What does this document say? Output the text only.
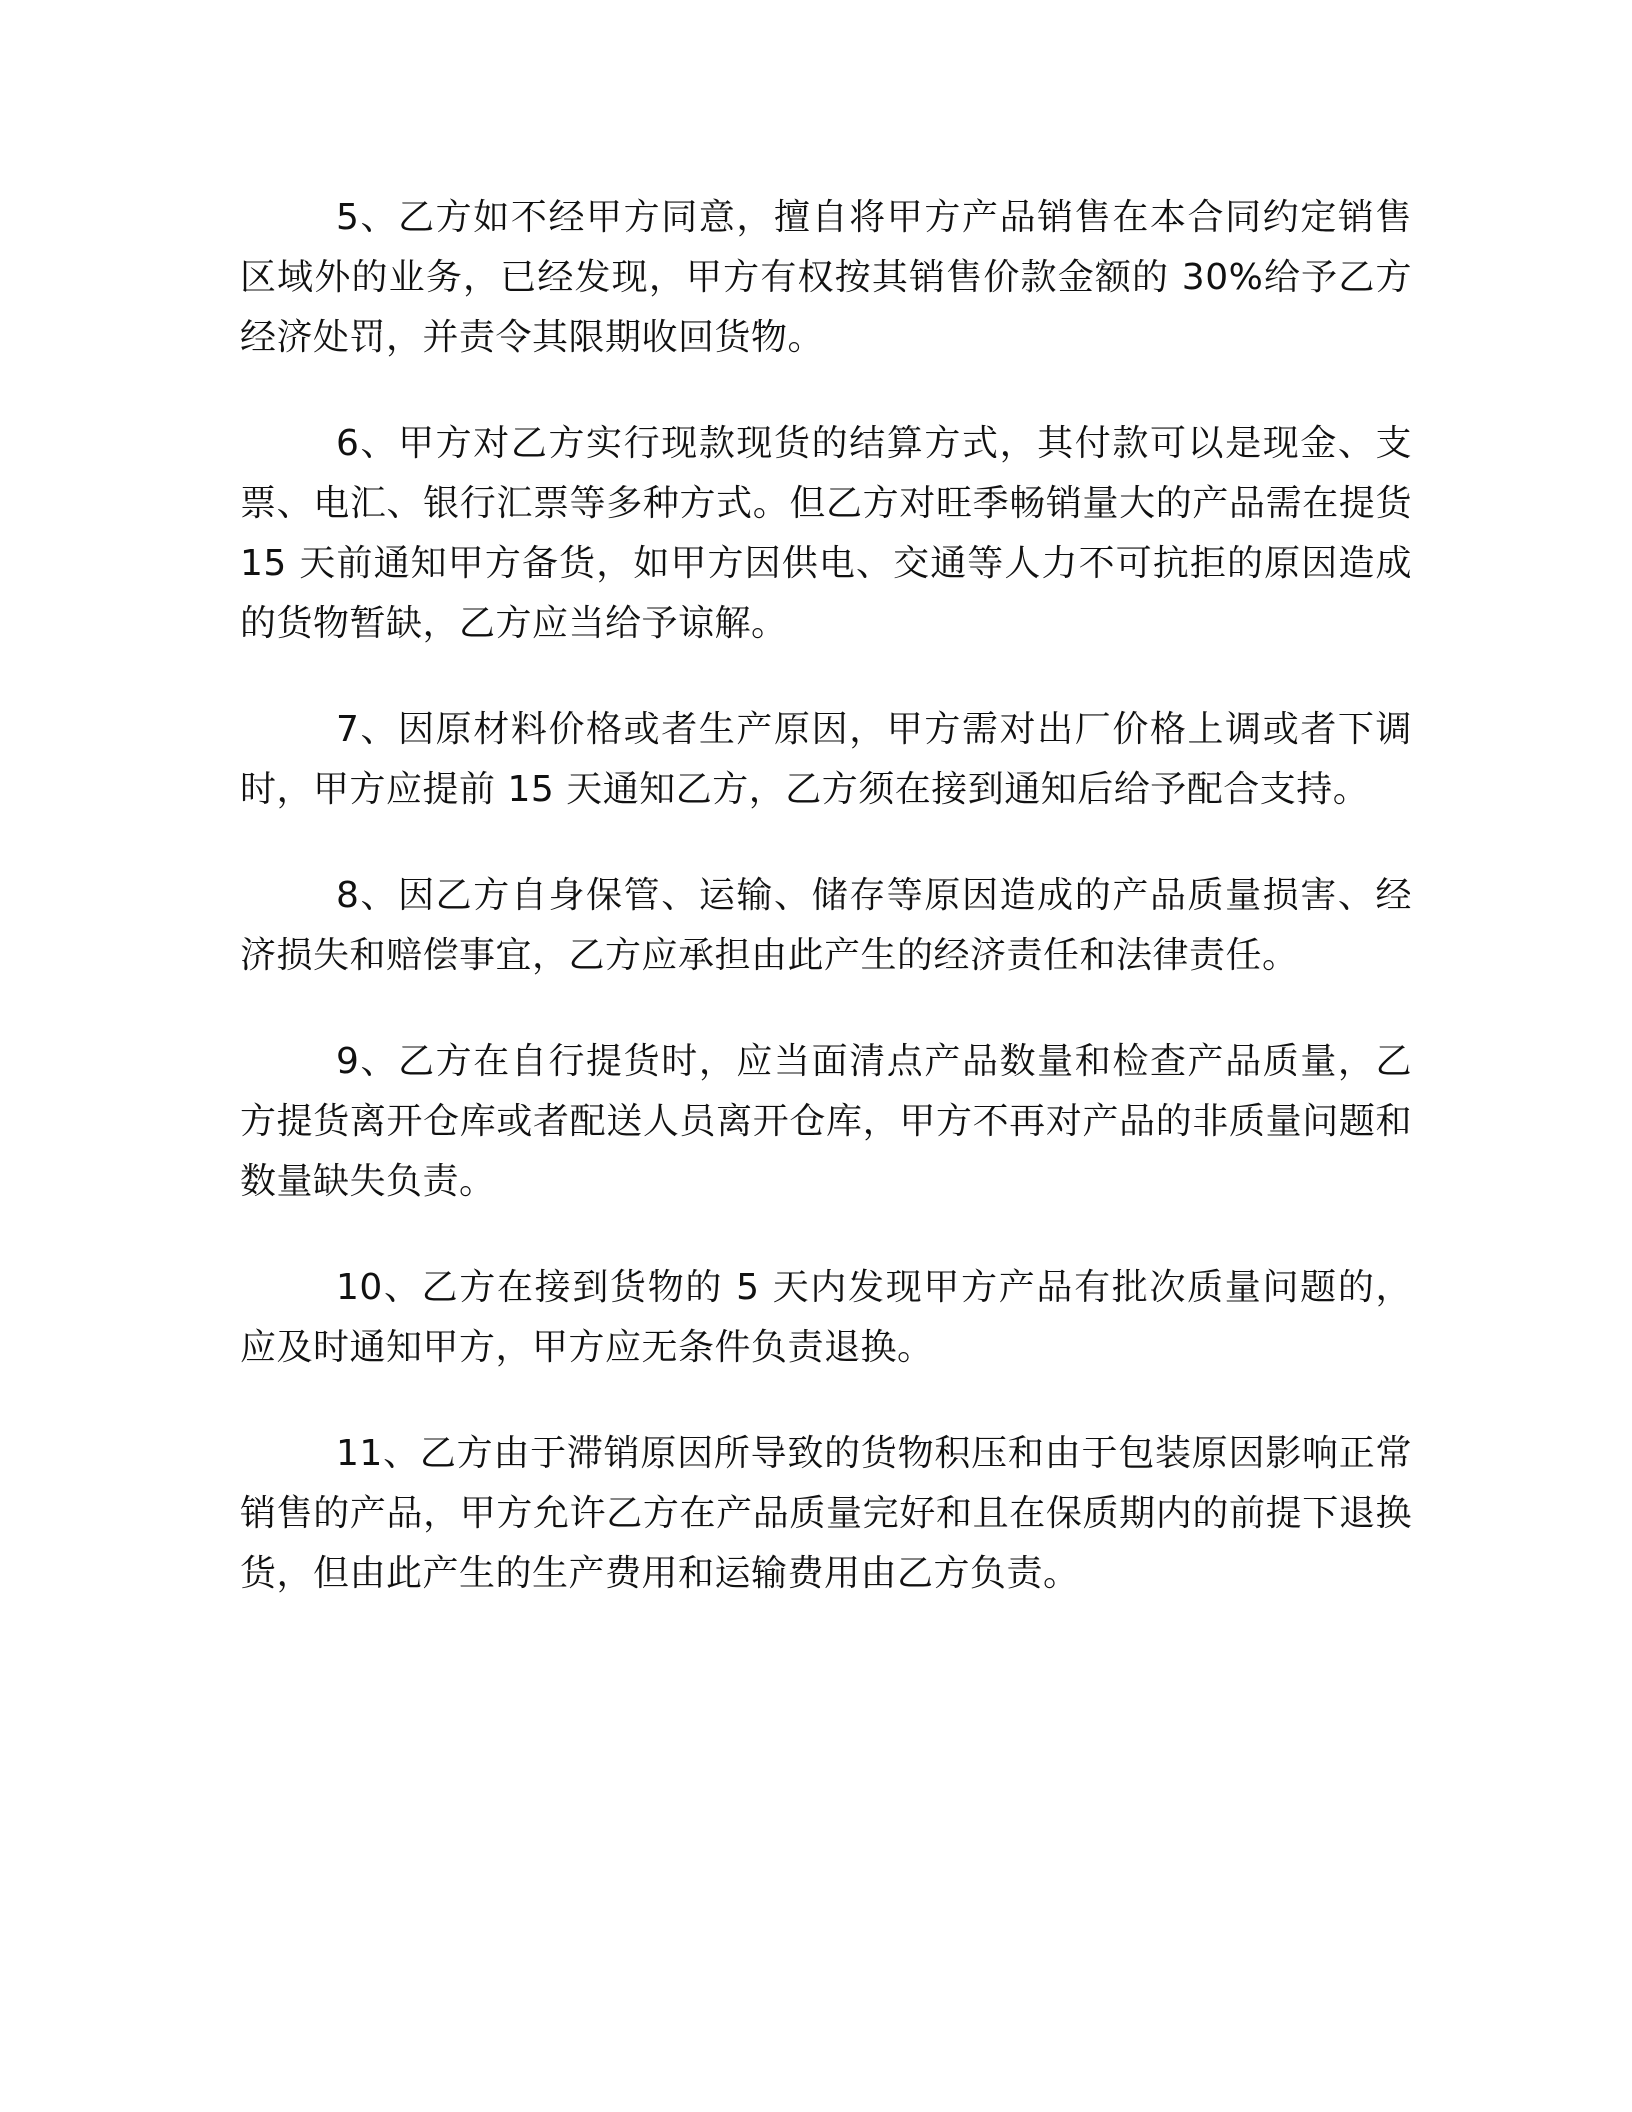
5、乙方如不经甲方同意，擅自将甲方产品销售在本合同约定销售区域外的业务，已经发现，甲方有权按其销售价款金额的 30%给予乙方经济处罚，并责令其限期收回货物。

6、甲方对乙方实行现款现货的结算方式，其付款可以是现金、支票、电汇、银行汇票等多种方式。但乙方对旺季畅销量大的产品需在提货 15 天前通知甲方备货，如甲方因供电、交通等人力不可抗拒的原因造成的货物暂缺，乙方应当给予谅解。

7、因原材料价格或者生产原因，甲方需对出厂价格上调或者下调时，甲方应提前 15 天通知乙方，乙方须在接到通知后给予配合支持。

8、因乙方自身保管、运输、储存等原因造成的产品质量损害、经济损失和赔偿事宜，乙方应承担由此产生的经济责任和法律责任。

9、乙方在自行提货时，应当面清点产品数量和检查产品质量，乙方提货离开仓库或者配送人员离开仓库，甲方不再对产品的非质量问题和数量缺失负责。

10、乙方在接到货物的 5 天内发现甲方产品有批次质量问题的，应及时通知甲方，甲方应无条件负责退换。

11、乙方由于滞销原因所导致的货物积压和由于包装原因影响正常销售的产品，甲方允许乙方在产品质量完好和且在保质期内的前提下退换货，但由此产生的生产费用和运输费用由乙方负责。
